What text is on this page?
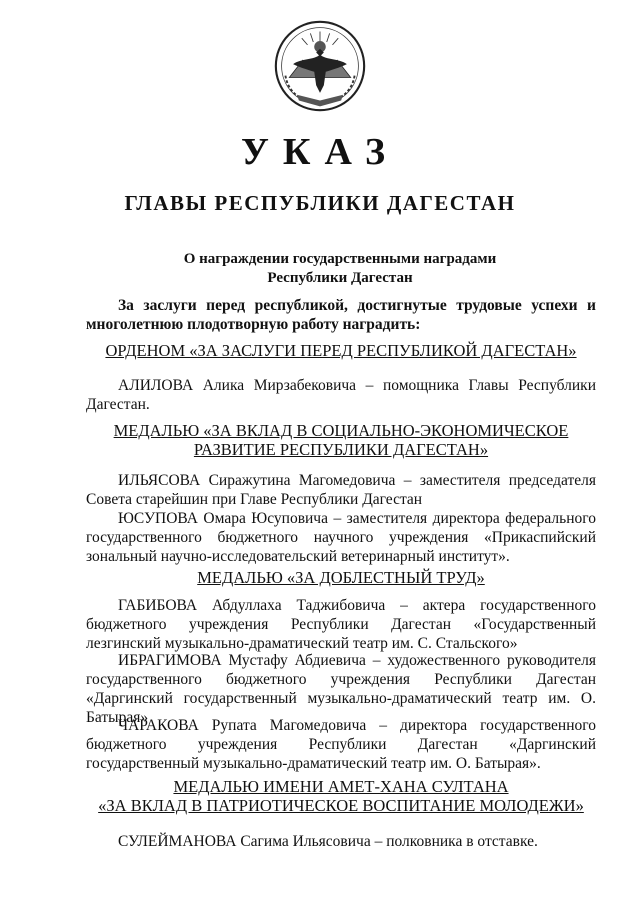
УКАЗ
ГЛАВЫ РЕСПУБЛИКИ ДАГЕСТАН
О награждении государственными наградами
Республики Дагестан
За заслуги перед республикой, достигнутые трудовые успехи и многолетнюю плодотворную работу наградить:
ОРДЕНОМ «ЗА ЗАСЛУГИ ПЕРЕД РЕСПУБЛИКОЙ ДАГЕСТАН»
АЛИЛОВА Алика Мирзабековича – помощника Главы Республики Дагестан.
МЕДАЛЬЮ «ЗА ВКЛАД В СОЦИАЛЬНО-ЭКОНОМИЧЕСКОЕ
РАЗВИТИЕ РЕСПУБЛИКИ ДАГЕСТАН»
ИЛЬЯСОВА Сиражутина Магомедовича – заместителя председателя Совета старейшин при Главе Республики Дагестан
ЮСУПОВА Омара Юсуповича – заместителя директора федерального государственного бюджетного научного учреждения «Прикаспийский зональный научно-исследовательский ветеринарный институт».
МЕДАЛЬЮ «ЗА ДОБЛЕСТНЫЙ ТРУД»
ГАБИБОВА Абдуллаха Таджибовича – актера государственного бюджетного учреждения Республики Дагестан «Государственный лезгинский музыкально-драматический театр им. С. Стальского»
ИБРАГИМОВА Мустафу Абдиевича – художественного руководителя государственного бюджетного учреждения Республики Дагестан «Даргинский государственный музыкально-драматический театр им. О. Батырая»
ЧАРАКОВА Рупата Магомедовича – директора государственного бюджетного учреждения Республики Дагестан «Даргинский государственный музыкально-драматический театр им. О. Батырая».
МЕДАЛЬЮ ИМЕНИ АМЕТ-ХАНА СУЛТАНА
«ЗА ВКЛАД В ПАТРИОТИЧЕСКОЕ ВОСПИТАНИЕ МОЛОДЕЖИ»
СУЛЕЙМАНОВА Сагима Ильясовича – полковника в отставке.
